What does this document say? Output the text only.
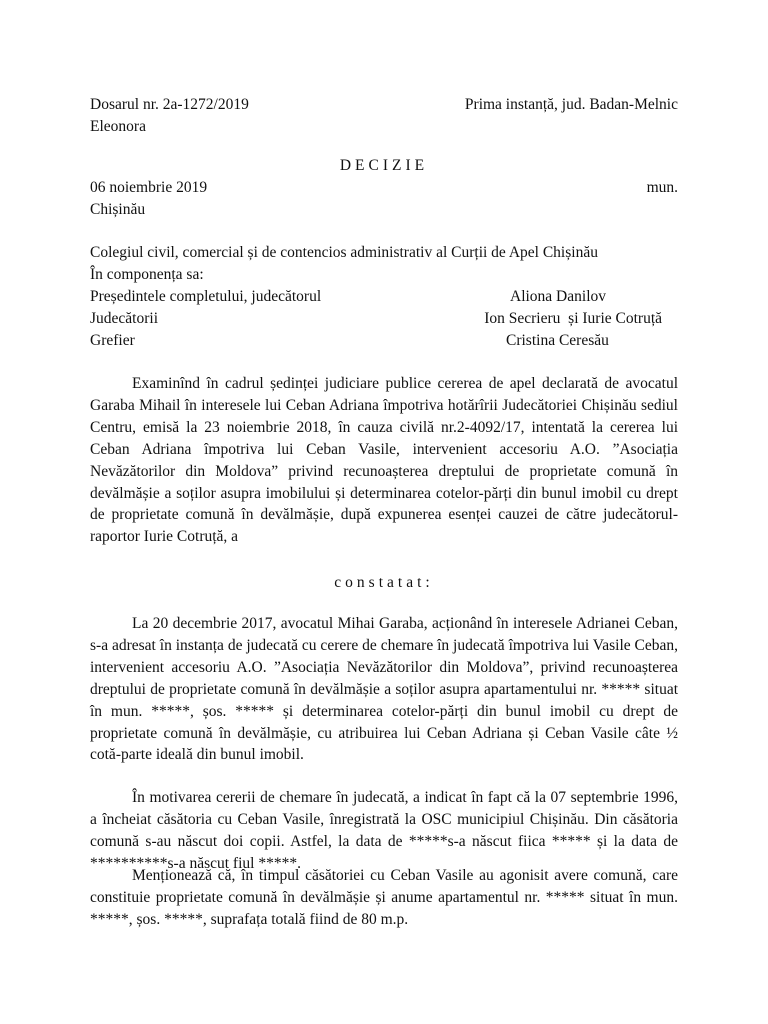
Dosarul nr. 2a-1272/2019	Prima instanță, jud. Badan-Melnic
Eleonora
DECIZIE
06 noiembrie 2019	mun.
Chișinău
Colegiul civil, comercial și de contencios administrativ al Curții de Apel Chișinău
În componența sa:
Președintele completului, judecătorul	Aliona Danilov
Judecătorii	Ion Secrieru  și Iurie Cotruță
Grefier	Cristina Ceresău
Examinînd în cadrul ședinței judiciare publice cererea de apel declarată de avocatul Garaba Mihail în interesele lui Ceban Adriana împotriva hotărîrii Judecătoriei Chișinău sediul Centru, emisă la 23 noiembrie 2018, în cauza civilă nr.2-4092/17, intentată la cererea lui Ceban Adriana împotriva lui Ceban Vasile, intervenient accesoriu A.O. ”Asociația Nevăzătorilor din Moldova” privind recunoașterea dreptului de proprietate comună în devălmășie a soților asupra imobilului și determinarea cotelor-părți din bunul imobil cu drept de proprietate comună în devălmășie, după expunerea esenței cauzei de către judecătorul-raportor Iurie Cotruță, a
constatat:
La 20 decembrie 2017, avocatul Mihai Garaba, acționând în interesele Adrianei Ceban, s-a adresat în instanța de judecată cu cerere de chemare în judecată împotriva lui Vasile Ceban, intervenient accesoriu A.O. ”Asociația Nevăzătorilor din Moldova”, privind recunoașterea dreptului de proprietate comună în devălmășie a soților asupra apartamentului nr. ***** situat în mun. *****, șos. ***** și determinarea cotelor-părți din bunul imobil cu drept de proprietate comună în devălmășie, cu atribuirea lui Ceban Adriana și Ceban Vasile câte ½ cotă-parte ideală din bunul imobil.
În motivarea cererii de chemare în judecată, a indicat în fapt că la 07 septembrie 1996, a încheiat căsătoria cu Ceban Vasile, înregistrată la OSC municipiul Chișinău. Din căsătoria comună s-au născut doi copii. Astfel, la data de *****s-a născut fiica ***** și la data de **********s-a născut fiul *****.
Menționează că, în timpul căsătoriei cu Ceban Vasile au agonisit avere comună, care constituie proprietate comună în devălmășie și anume apartamentul nr. ***** situat în mun. *****, șos. *****, suprafața totală fiind de 80 m.p.
